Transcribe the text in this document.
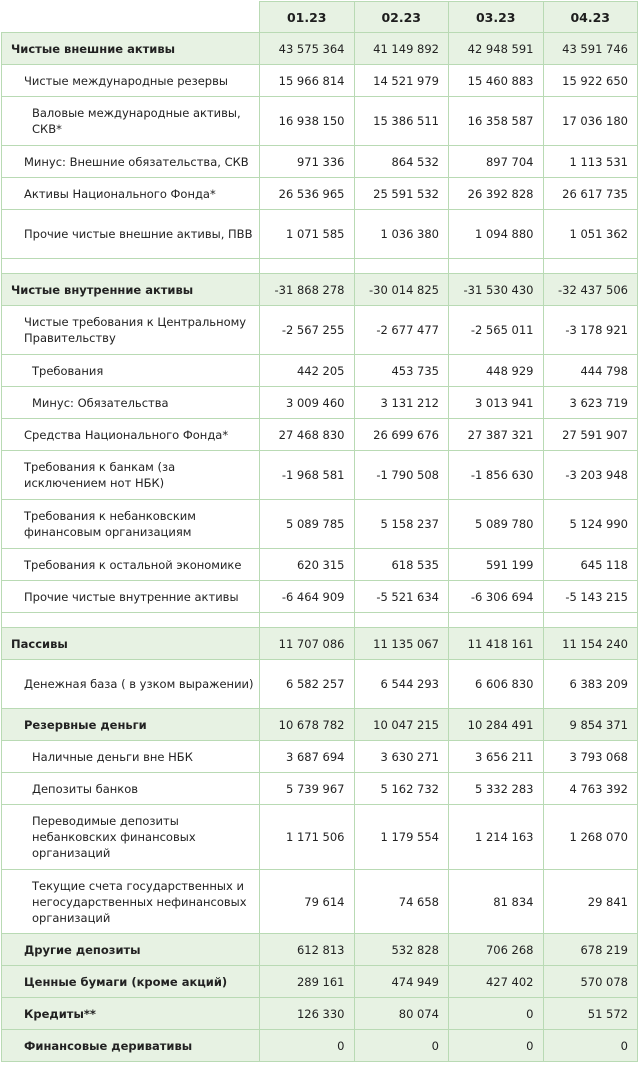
	01.23	02.23	03.23	04.23
Чистые внешние активы	43 575 364	41 149 892	42 948 591	43 591 746
Чистые международные резервы	15 966 814	14 521 979	15 460 883	15 922 650
Валовые международные активы, СКВ*	16 938 150	15 386 511	16 358 587	17 036 180
Минус: Внешние обязательства, СКВ	971 336	864 532	897 704	1 113 531
Активы Национального Фонда*	26 536 965	25 591 532	26 392 828	26 617 735
Прочие чистые внешние активы, ПВВ	1 071 585	1 036 380	1 094 880	1 051 362

Чистые внутренние активы	-31 868 278	-30 014 825	-31 530 430	-32 437 506
Чистые требования к Центральному Правительству	-2 567 255	-2 677 477	-2 565 011	-3 178 921
Требования	442 205	453 735	448 929	444 798
Минус: Обязательства	3 009 460	3 131 212	3 013 941	3 623 719
Средства Национального Фонда*	27 468 830	26 699 676	27 387 321	27 591 907
Требования к банкам (за исключением нот НБК)	-1 968 581	-1 790 508	-1 856 630	-3 203 948
Требования к небанковским финансовым организациям	5 089 785	5 158 237	5 089 780	5 124 990
Требования к остальной экономике	620 315	618 535	591 199	645 118
Прочие чистые внутренние активы	-6 464 909	-5 521 634	-6 306 694	-5 143 215

Пассивы	11 707 086	11 135 067	11 418 161	11 154 240
Денежная база ( в узком выражении)	6 582 257	6 544 293	6 606 830	6 383 209
Резервные деньги	10 678 782	10 047 215	10 284 491	9 854 371
Наличные деньги вне НБК	3 687 694	3 630 271	3 656 211	3 793 068
Депозиты банков	5 739 967	5 162 732	5 332 283	4 763 392
Переводимые депозиты небанковских финансовых организаций	1 171 506	1 179 554	1 214 163	1 268 070
Текущие счета государственных и негосударственных нефинансовых организаций	79 614	74 658	81 834	29 841
Другие депозиты	612 813	532 828	706 268	678 219
Ценные бумаги (кроме акций)	289 161	474 949	427 402	570 078
Кредиты**	126 330	80 074	0	51 572
Финансовые деривативы	0	0	0	0
